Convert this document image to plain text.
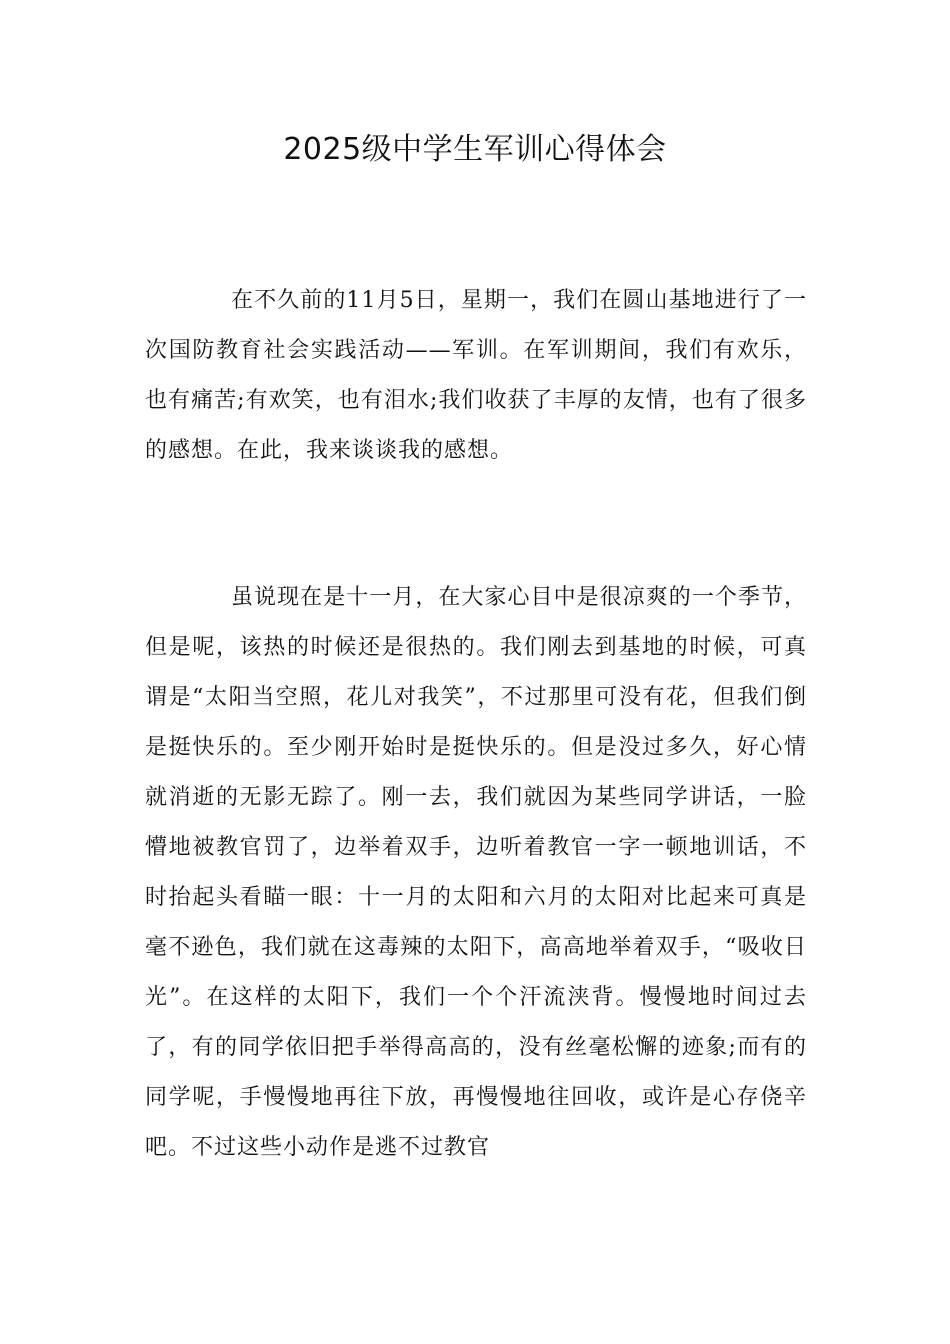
2025级中学生军训心得体会

在不久前的11月5日，星期一，我们在圆山基地进行了一次国防教育社会实践活动——军训。在军训期间，我们有欢乐，也有痛苦;有欢笑，也有泪水;我们收获了丰厚的友情，也有了很多的感想。在此，我来谈谈我的感想。

虽说现在是十一月，在大家心目中是很凉爽的一个季节，但是呢，该热的时候还是很热的。我们刚去到基地的时候，可真谓是“太阳当空照，花儿对我笑”，不过那里可没有花，但我们倒是挺快乐的。至少刚开始时是挺快乐的。但是没过多久，好心情就消逝的无影无踪了。刚一去，我们就因为某些同学讲话，一脸懵地被教官罚了，边举着双手，边听着教官一字一顿地训话，不时抬起头看瞄一眼：十一月的太阳和六月的太阳对比起来可真是毫不逊色，我们就在这毒辣的太阳下，高高地举着双手，“吸收日光”。在这样的太阳下，我们一个个汗流浃背。慢慢地时间过去了，有的同学依旧把手举得高高的，没有丝毫松懈的迹象;而有的同学呢，手慢慢地再往下放，再慢慢地往回收，或许是心存侥辛吧。不过这些小动作是逃不过教官
